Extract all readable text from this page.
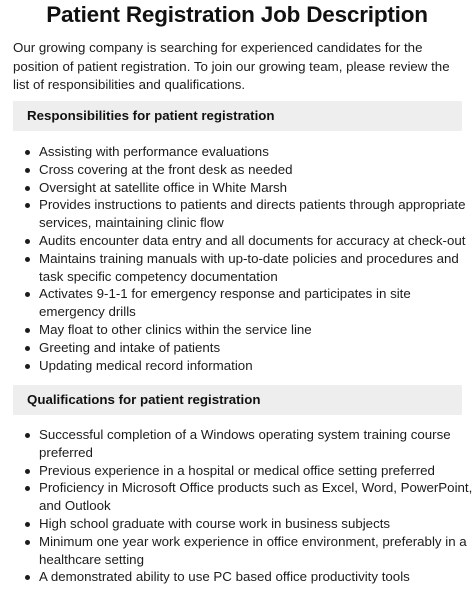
Patient Registration Job Description

Our growing company is searching for experienced candidates for the position of patient registration. To join our growing team, please review the list of responsibilities and qualifications.

Responsibilities for patient registration
Assisting with performance evaluations
Cross covering at the front desk as needed
Oversight at satellite office in White Marsh
Provides instructions to patients and directs patients through appropriate services, maintaining clinic flow
Audits encounter data entry and all documents for accuracy at check-out
Maintains training manuals with up-to-date policies and procedures and task specific competency documentation
Activates 9-1-1 for emergency response and participates in site emergency drills
May float to other clinics within the service line
Greeting and intake of patients
Updating medical record information
Qualifications for patient registration
Successful completion of a Windows operating system training course preferred
Previous experience in a hospital or medical office setting preferred
Proficiency in Microsoft Office products such as Excel, Word, PowerPoint, and Outlook
High school graduate with course work in business subjects
Minimum one year work experience in office environment, preferably in a healthcare setting
A demonstrated ability to use PC based office productivity tools
